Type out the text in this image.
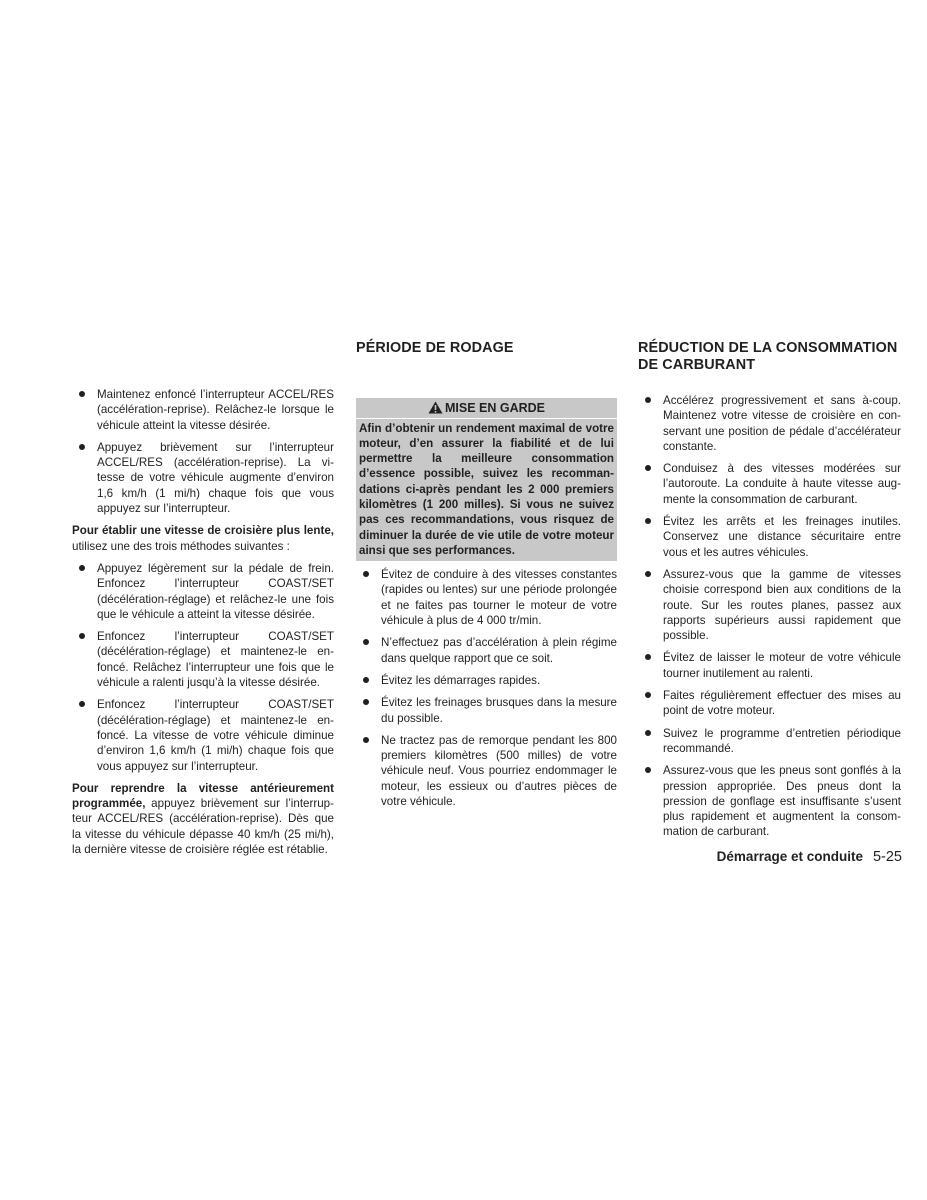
Maintenez enfoncé l’interrupteur ACCEL/RES (accélération-reprise). Relâchez-le lorsque le véhicule atteint la vitesse désirée.
Appuyez brièvement sur l’interrupteur ACCEL/RES (accélération-reprise). La vitesse de votre véhicule augmente d’environ 1,6 km/h (1 mi/h) chaque fois que vous appuyez sur l’interrupteur.

Pour établir une vitesse de croisière plus lente, utilisez une des trois méthodes suivantes :

Appuyez légèrement sur la pédale de frein. Enfoncez l’interrupteur COAST/SET (décélération-réglage) et relâchez-le une fois que le véhicule a atteint la vitesse désirée.
Enfoncez l’interrupteur COAST/SET (décélération-réglage) et maintenez-le enfoncé. Relâchez l’interrupteur une fois que le véhicule a ralenti jusqu’à la vitesse désirée.
Enfoncez l’interrupteur COAST/SET (décélération-réglage) et maintenez-le enfoncé. La vitesse de votre véhicule diminue d’environ 1,6 km/h (1 mi/h) chaque fois que vous appuyez sur l’interrupteur.

Pour reprendre la vitesse antérieurement programmée, appuyez brièvement sur l’interrupteur ACCEL/RES (accélération-reprise). Dès que la vitesse du véhicule dépasse 40 km/h (25 mi/h), la dernière vitesse de croisière réglée est rétablie.

PÉRIODE DE RODAGE
MISE EN GARDE
Afin d’obtenir un rendement maximal de votre moteur, d’en assurer la fiabilité et de lui permettre la meilleure consommation d’essence possible, suivez les recommandations ci-après pendant les 2 000 premiers kilomètres (1 200 milles). Si vous ne suivez pas ces recommandations, vous risquez de diminuer la durée de vie utile de votre moteur ainsi que ses performances.
Évitez de conduire à des vitesses constantes (rapides ou lentes) sur une période prolongée et ne faites pas tourner le moteur de votre véhicule à plus de 4 000 tr/min.
N’effectuez pas d’accélération à plein régime dans quelque rapport que ce soit.
Évitez les démarrages rapides.
Évitez les freinages brusques dans la mesure du possible.
Ne tractez pas de remorque pendant les 800 premiers kilomètres (500 milles) de votre véhicule neuf. Vous pourriez endommager le moteur, les essieux ou d’autres pièces de votre véhicule.
RÉDUCTION DE LA CONSOMMATION
DE CARBURANT
Accélérez progressivement et sans à-coup. Maintenez votre vitesse de croisière en conservant une position de pédale d’accélérateur constante.
Conduisez à des vitesses modérées sur l’autoroute. La conduite à haute vitesse augmente la consommation de carburant.
Évitez les arrêts et les freinages inutiles. Conservez une distance sécuritaire entre vous et les autres véhicules.
Assurez-vous que la gamme de vitesses choisie correspond bien aux conditions de la route. Sur les routes planes, passez aux rapports supérieurs aussi rapidement que possible.
Évitez de laisser le moteur de votre véhicule tourner inutilement au ralenti.
Faites régulièrement effectuer des mises au point de votre moteur.
Suivez le programme d’entretien périodique recommandé.
Assurez-vous que les pneus sont gonflés à la pression appropriée. Des pneus dont la pression de gonflage est insuffisante s’usent plus rapidement et augmentent la consommation de carburant.
Démarrage et conduite 5-25
